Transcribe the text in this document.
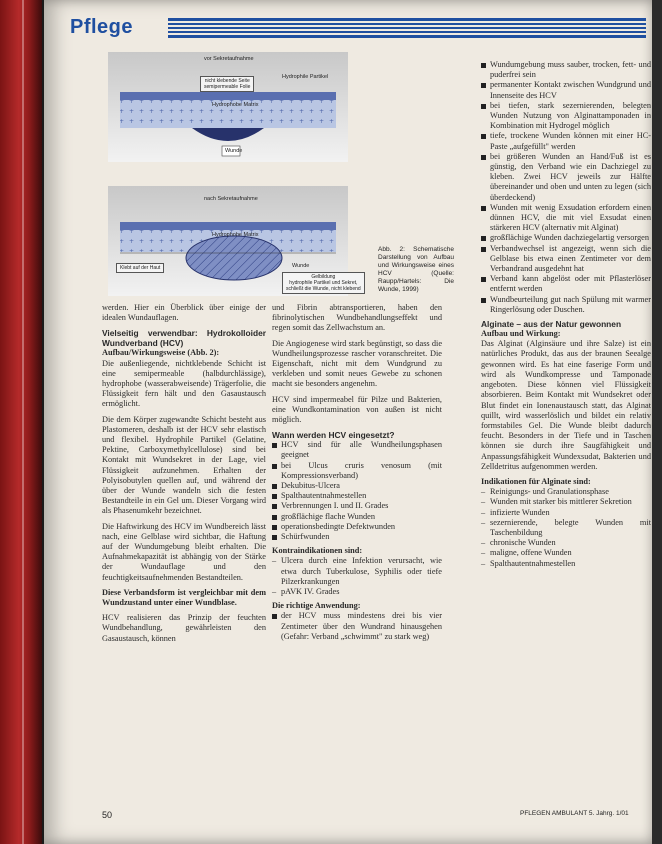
Pflege
vor Sekretaufnahme
nicht klebende Seite
semipermeable Folie
Hydrophile Partikel
Hydrophobe Matrix
Wunde
nach Sekretaufnahme
Hydrophobe Matrix
Klebt auf der Haut	Wunde
Gelbildung
hydrophile Partikel und Sekret,
schließt die Wunde, nicht klebend
Abb. 2: Schematische Darstellung von Aufbau und Wirkungsweise eines HCV (Quelle: Raupp/Hartels: Die Wunde, 1999)

werden. Hier ein Überblick über einige der idealen Wundauflagen.

Vielseitig verwendbar: Hydrokolloider Wundverband (HCV)
Aufbau/Wirkungsweise (Abb. 2):

Die außenliegende, nichtklebende Schicht ist eine semipermeable (halbdurchlässige), hydrophobe (wasserabweisende) Trägerfolie, die Flüssigkeit fern hält und den Gasaustausch ermöglicht.

Die dem Körper zugewandte Schicht besteht aus Plastomeren, deshalb ist der HCV sehr elastisch und flexibel. Hydrophile Partikel (Gelatine, Pektine, Carboxymethylcellulose) sind bei Kontakt mit Wundsekret in der Lage, viel Flüssigkeit aufzunehmen. Erhalten der Polyisobutylen quellen auf, und während der über der Wunde wandeln sich die festen Bestandteile in ein Gel um. Dieser Vorgang wird als Phasenumkehr bezeichnet.

Die Haftwirkung des HCV im Wundbereich lässt nach, eine Gelblase wird sichtbar, die Haftung auf der Wundumgebung bleibt erhalten. Die Aufnahmekapazität ist abhängig von der Stärke der Wundauflage und den feuchtigkeitsaufnehmenden Bestandteilen.

Diese Verbandsform ist vergleichbar mit dem Wundzustand unter einer Wundblase.

HCV realisieren das Prinzip der feuchten Wundbehandlung, gewährleisten den Gasaustausch, können

und Fibrin abtransportieren, haben den fibrinolytischen Wundbehandlungseffekt und regen somit das Zellwachstum an.

Die Angiogenese wird stark begünstigt, so dass die Wundheilungsprozesse rascher voranschreitet. Die Eigenschaft, nicht mit dem Wundgrund zu verkleben und somit neues Gewebe zu schonen macht sie besonders angenehm.

HCV sind impermeabel für Pilze und Bakterien, eine Wundkontamination von außen ist nicht möglich.

Wann werden HCV eingesetzt?
HCV sind für alle Wundheilungsphasen geeignet
bei Ulcus cruris venosum (mit Kompressionsverband)
Dekubitus-Ulcera
Spalthautentnahmestellen
Verbrennungen I. und II. Grades
großflächige flache Wunden
operationsbedingte Defektwunden
Schürfwunden
Kontraindikationen sind:
– Ulcera durch eine Infektion verursacht, wie etwa durch Tuberkulose, Syphilis oder tiefe Pilzerkrankungen
– pAVK IV. Grades
Die richtige Anwendung:
der HCV muss mindestens drei bis vier Zentimeter über den Wundrand hinausgehen (Gefahr: Verband „schwimmt" zu stark weg)
Wundumgebung muss sauber, trocken, fett- und puderfrei sein
permanenter Kontakt zwischen Wundgrund und Innenseite des HCV
bei tiefen, stark sezernierenden, belegten Wunden Nutzung von Alginattamponaden in Kombination mit Hydrogel möglich
tiefe, trockene Wunden können mit einer HC-Paste „aufgefüllt" werden
bei größeren Wunden an Hand/Fuß ist es günstig, den Verband wie ein Dachziegel zu kleben. Zwei HCV jeweils zur Hälfte übereinander und oben und unten zu legen (sich überdeckend)
Wunden mit wenig Exsudation erfordern einen dünnen HCV, die mit viel Exsudat einen stärkeren HCV (alternativ mit Alginat)
großflächige Wunden dachziegelartig versorgen
Verbandwechsel ist angezeigt, wenn sich die Gelblase bis etwa einen Zentimeter vor dem Verbandrand ausgedehnt hat
Verband kann abgelöst oder mit Pflasterlöser entfernt werden
Wundbeurteilung gut nach Spülung mit warmer Ringerlösung oder Duschen.
Alginate – aus der Natur gewonnen
Aufbau und Wirkung:

Das Alginat (Alginsäure und ihre Salze) ist ein natürliches Produkt, das aus der braunen Seealge gewonnen wird. Es hat eine faserige Form und wird als Wundkompresse und Tamponade angeboten. Diese können viel Flüssigkeit absorbieren. Beim Kontakt mit Wundsekret oder Blut findet ein Ionenaustausch statt, das Alginat quillt, wird wasserlöslich und bildet ein relativ formstabiles Gel. Die Wunde bleibt dadurch feucht. Besonders in der Tiefe und in Taschen können sie durch ihre Saugfähigkeit und Anpassungsfähigkeit Wundexsudat, Bakterien und Zelldetritus aufgenommen werden.

Indikationen für Alginate sind:
– Reinigungs- und Granulationsphase
– Wunden mit starker bis mittlerer Sekretion
– infizierte Wunden
– sezernierende, belegte Wunden mit Taschenbildung
– chronische Wunden
– maligne, offene Wunden
– Spalthautentnahmestellen
50	PFLEGEN AMBULANT 5. Jahrg. 1/01
